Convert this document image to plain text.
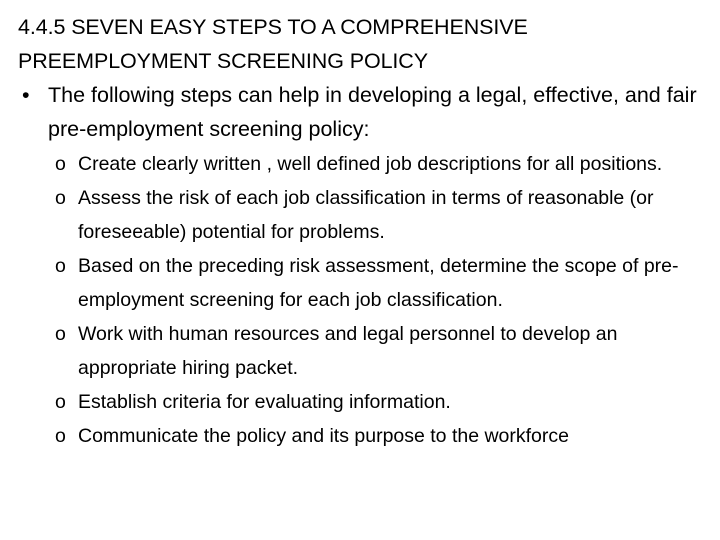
4.4.5 SEVEN EASY STEPS TO A COMPREHENSIVE
PREEMPLOYMENT SCREENING POLICY
• The following steps can help in developing a legal, effective, and fair pre-employment screening policy:
o Create clearly written , well defined job descriptions for all positions.
o Assess the risk of each job classification in terms of reasonable (or foreseeable) potential for problems.
o Based on the preceding risk assessment, determine the scope of pre-employment screening for each job classification.
o Work with human resources and legal personnel to develop an appropriate hiring packet.
o Establish criteria for evaluating information.
o Communicate the policy and its purpose to the workforce
